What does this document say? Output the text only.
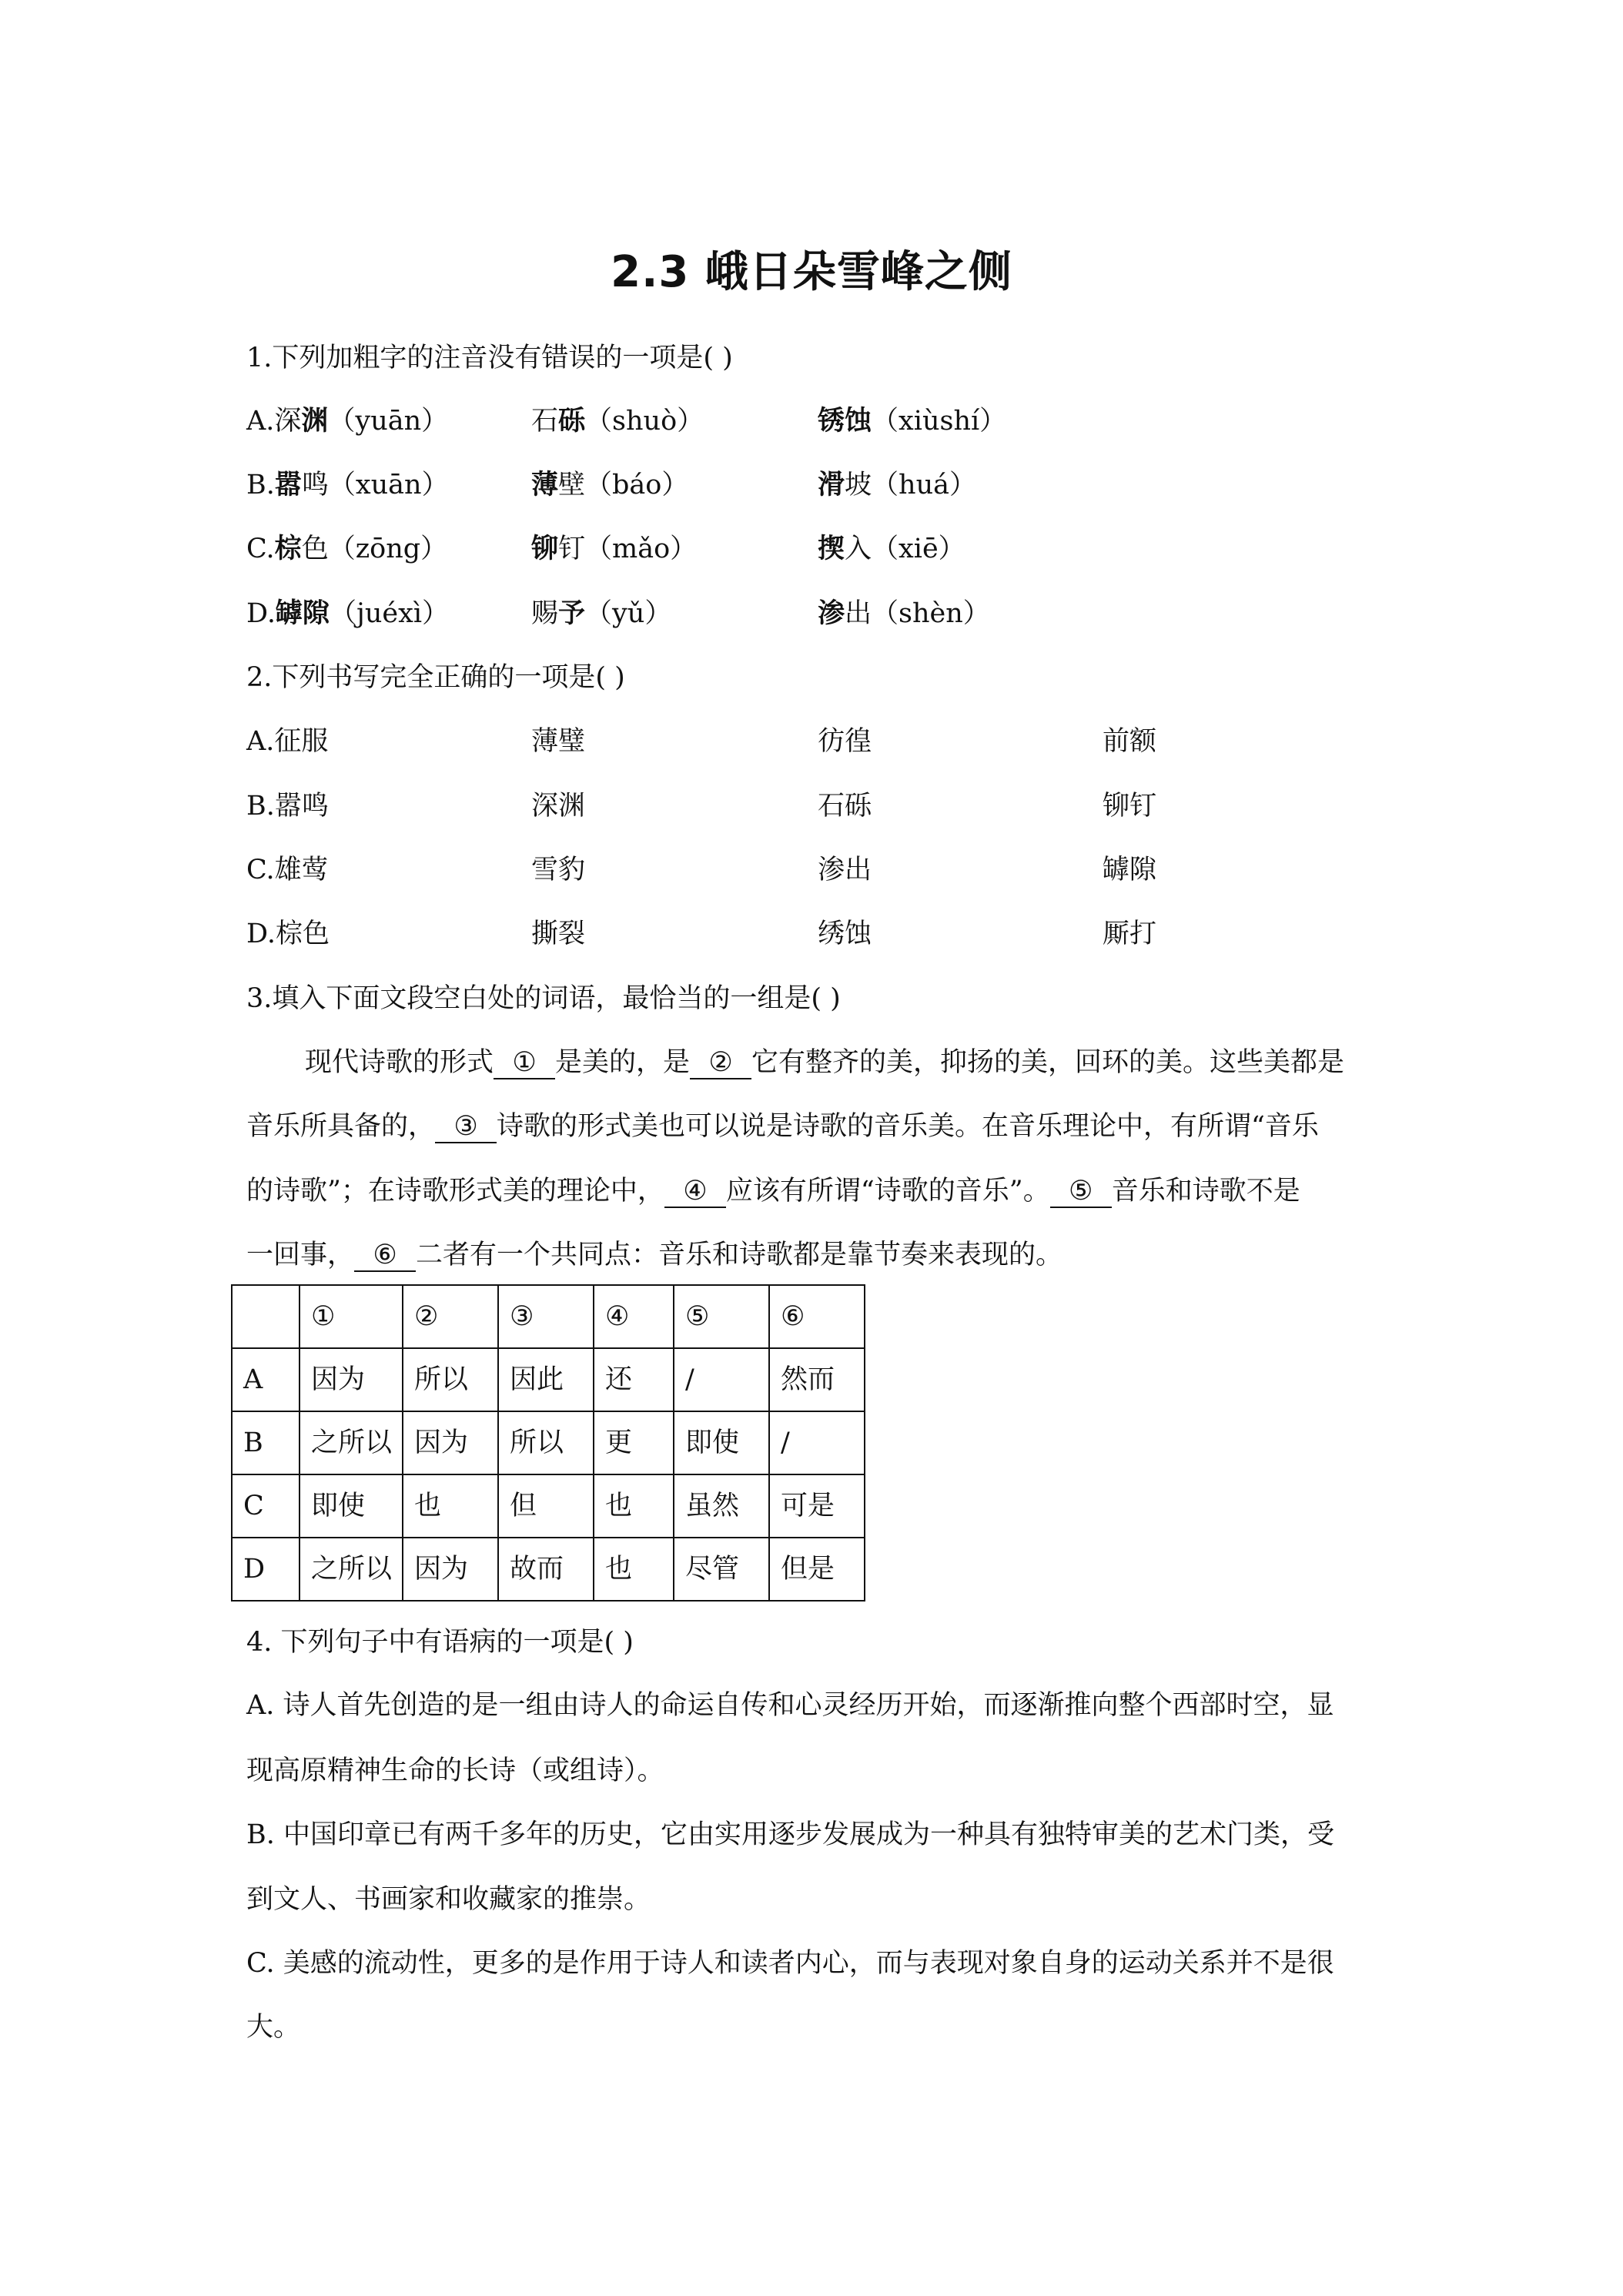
2.3 峨日朵雪峰之侧
1.下列加粗字的注音没有错误的一项是( )
A.深渊（yuān）	石砾（shuò）	锈蚀（xiùshí）
B.嚣鸣（xuān）	薄壁（báo）	滑坡（huá）
C.棕色（zōng）	铆钉（mǎo）	揳入（xiē）
D.罅隙（juéxì）	赐予（yǔ）	渗出（shèn）
2.下列书写完全正确的一项是( )
A.征服	薄璧	彷徨	前额
B.嚣鸣	深渊	石砾	铆钉
C.雄莺	雪豹	渗出	罅隙
D.棕色	撕裂	绣蚀	厮打
3.填入下面文段空白处的词语，最恰当的一组是( )
现代诗歌的形式 ① 是美的，是 ② 它有整齐的美，抑扬的美，回环的美。这些美都是
音乐所具备的， ③ 诗歌的形式美也可以说是诗歌的音乐美。在音乐理论中，有所谓“音乐
的诗歌”；在诗歌形式美的理论中， ④ 应该有所谓“诗歌的音乐”。 ⑤ 音乐和诗歌不是
一回事， ⑥ 二者有一个共同点：音乐和诗歌都是靠节奏来表现的。
	①	②	③	④	⑤	⑥
A	因为	所以	因此	还	/	然而
B	之所以	因为	所以	更	即使	/
C	即使	也	但	也	虽然	可是
D	之所以	因为	故而	也	尽管	但是
4. 下列句子中有语病的一项是( )
A. 诗人首先创造的是一组由诗人的命运自传和心灵经历开始，而逐渐推向整个西部时空，显
现高原精神生命的长诗（或组诗）。
B. 中国印章已有两千多年的历史，它由实用逐步发展成为一种具有独特审美的艺术门类，受
到文人、书画家和收藏家的推崇。
C. 美感的流动性，更多的是作用于诗人和读者内心，而与表现对象自身的运动关系并不是很
大。
